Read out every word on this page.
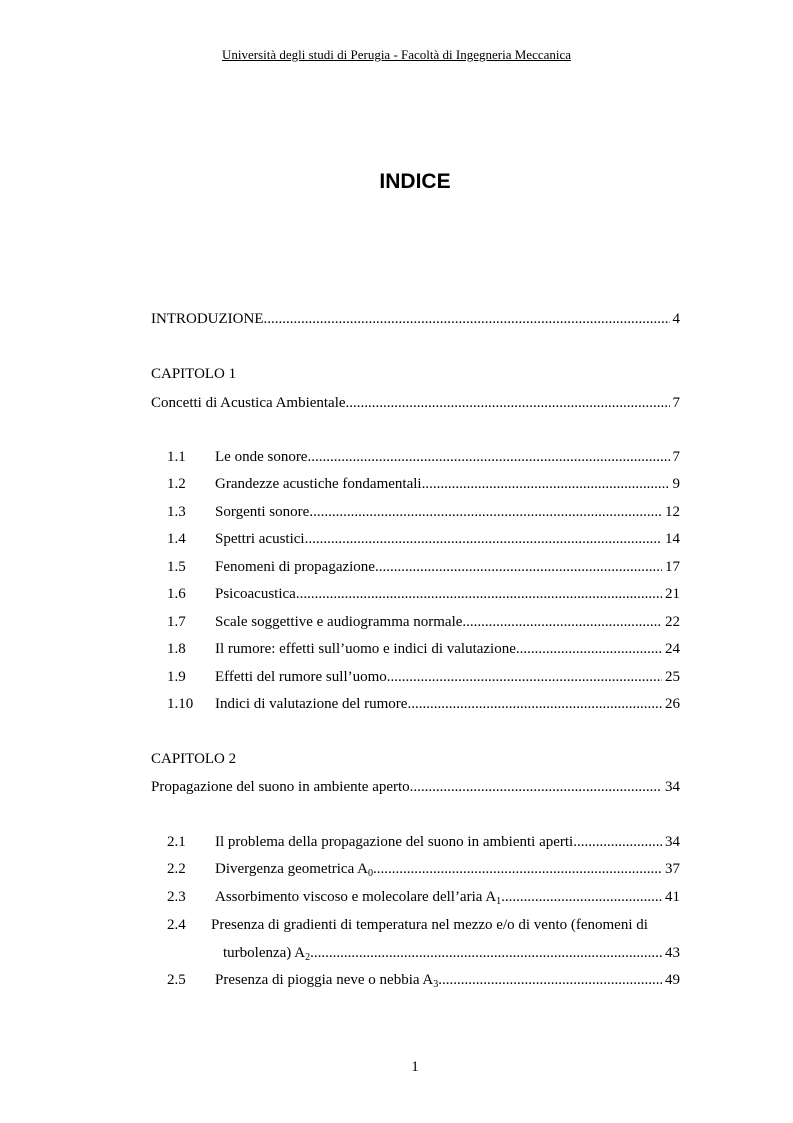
Università degli studi di Perugia - Facoltà di Ingegneria Meccanica
INDICE
INTRODUZIONE .....	4
CAPITOLO 1
Concetti di Acustica Ambientale .....	7
1.1	Le onde sonore .....	7
1.2	Grandezze acustiche fondamentali .....	9
1.3	Sorgenti sonore .....	12
1.4	Spettri acustici .....	14
1.5	Fenomeni di propagazione .....	17
1.6	Psicoacustica .....	21
1.7	Scale soggettive e audiogramma normale .....	22
1.8	Il rumore: effetti sull’uomo e indici di valutazione .....	24
1.9	Effetti del rumore sull’uomo .....	25
1.10	Indici di valutazione del rumore .....	26
CAPITOLO 2
Propagazione del suono in ambiente aperto .....	34
2.1	Il problema della propagazione del suono in ambienti aperti .....	34
2.2	Divergenza geometrica $A_0$ .....	37
2.3	Assorbimento viscoso e molecolare dell’aria $A_1$ .....	41
2.4 Presenza di gradienti di temperatura nel mezzo e/o di vento (fenomeni di
turbolenza) $A_2$ .....	43
2.5	Presenza di pioggia neve o nebbia $A_3$ .....	49
1
